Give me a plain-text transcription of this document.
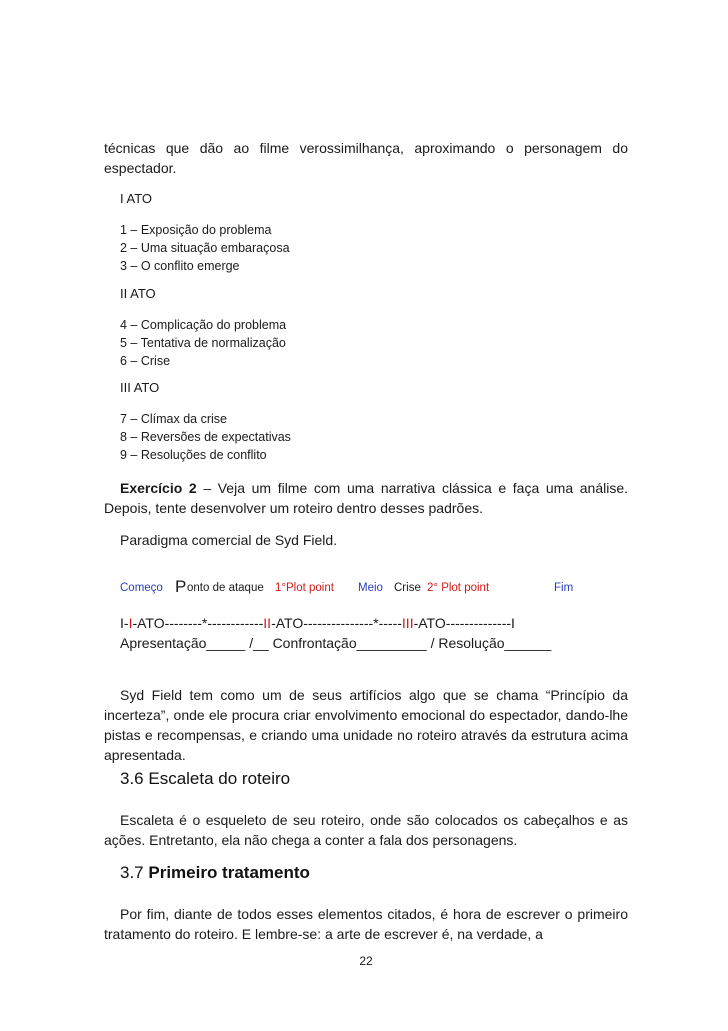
técnicas que dão ao filme verossimilhança, aproximando o personagem do espectador.

I ATO
1 – Exposição do problema
2 – Uma situação embaraçosa
3 – O conflito emerge
II ATO
4 – Complicação do problema
5 – Tentativa de normalização
6 – Crise
III ATO
7 – Clímax da crise
8 – Reversões de expectativas
9 – Resoluções de conflito

Exercício 2 – Veja um filme com uma narrativa clássica e faça uma análise. Depois, tente desenvolver um roteiro dentro desses padrões.

Paradigma comercial de Syd Field.

Começo P onto de ataque 1°Plot point Meio Crise 2° Plot point	Fim
I-I-ATO--------*------------II-ATO---------------*-----III-ATO--------------I
Apresentação_____ /__ Confrontação_________ / Resolução______

Syd Field tem como um de seus artifícios algo que se chama “Princípio da incerteza”, onde ele procura criar envolvimento emocional do espectador, dando-lhe pistas e recompensas, e criando uma unidade no roteiro através da estrutura acima apresentada.

3.6 Escaleta do roteiro

Escaleta é o esqueleto de seu roteiro, onde são colocados os cabeçalhos e as ações. Entretanto, ela não chega a conter a fala dos personagens.

3.7 Primeiro tratamento

Por fim, diante de todos esses elementos citados, é hora de escrever o primeiro tratamento do roteiro. E lembre-se: a arte de escrever é, na verdade, a

22
